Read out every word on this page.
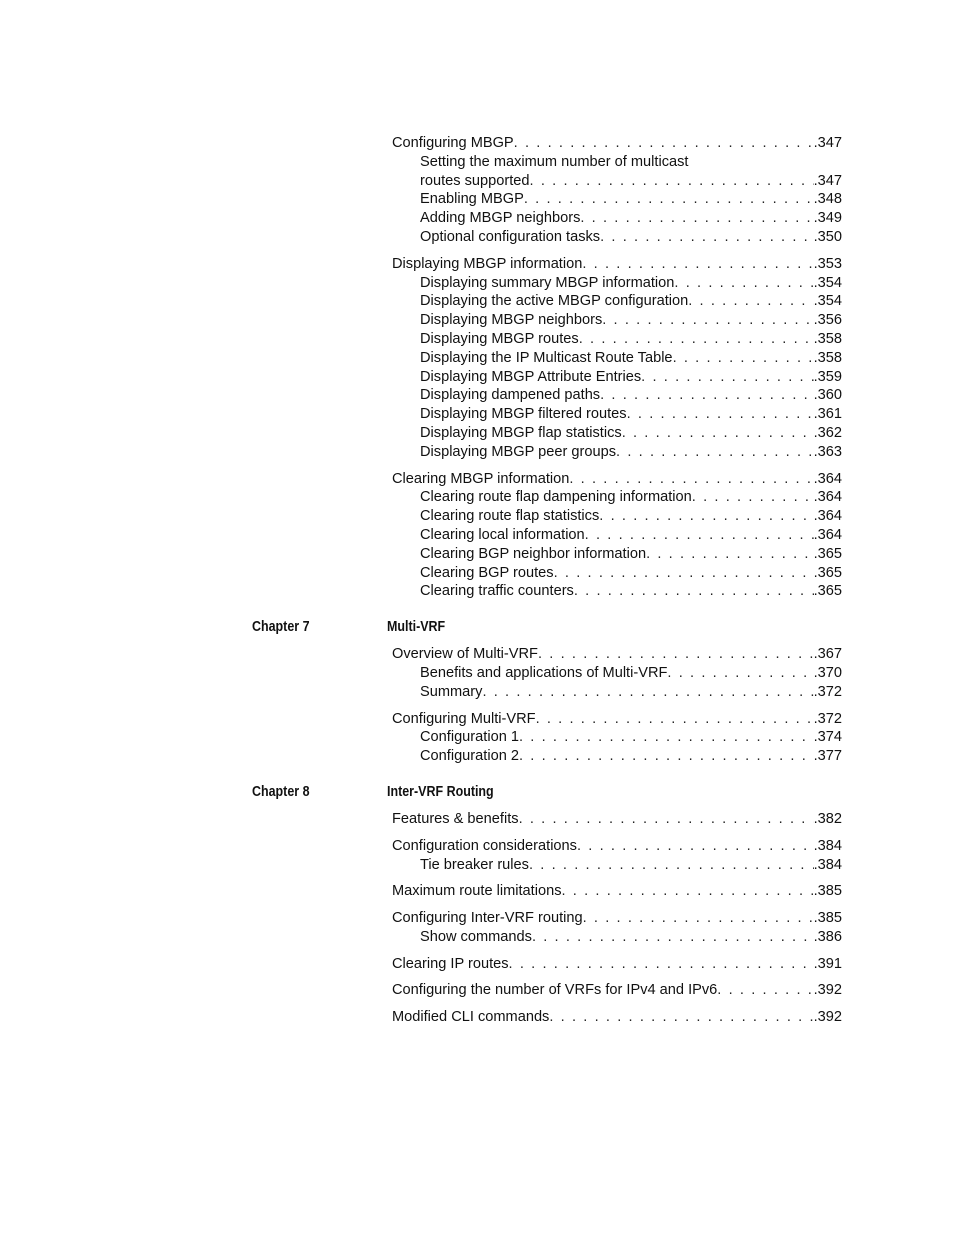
Configuring MBGP . . .	.347
Setting the maximum number of multicast
routes supported . . .	.347
Enabling MBGP . . .	.348
Adding MBGP neighbors . . .	.349
Optional configuration tasks . . .	.350
Displaying MBGP information . . .	.353
Displaying summary MBGP information . . .	.354
Displaying the active MBGP configuration . . .	.354
Displaying MBGP neighbors . . .	.356
Displaying MBGP routes . . .	.358
Displaying the IP Multicast Route Table . . .	.358
Displaying MBGP Attribute Entries . . .	.359
Displaying dampened paths . . .	.360
Displaying MBGP filtered routes . . .	.361
Displaying MBGP flap statistics . . .	.362
Displaying MBGP peer groups . . .	.363
Clearing MBGP information . . .	.364
Clearing route flap dampening information . . .	.364
Clearing route flap statistics . . .	.364
Clearing local information . . .	.364
Clearing BGP neighbor information . . .	.365
Clearing BGP routes . . .	.365
Clearing traffic counters . . .	.365
Chapter 7	Multi-VRF
Overview of Multi-VRF . . .	.367
Benefits and applications of Multi-VRF . . .	.370
Summary . . .	.372
Configuring Multi-VRF . . .	.372
Configuration 1 . . .	.374
Configuration 2 . . .	.377
Chapter 8	Inter-VRF Routing
Features & benefits . . .	.382
Configuration considerations . . .	.384
Tie breaker rules . . .	.384
Maximum route limitations . . .	.385
Configuring Inter-VRF routing . . .	.385
Show commands . . .	.386
Clearing IP routes . . .	.391
Configuring the number of VRFs for IPv4 and IPv6 . . .	.392
Modified CLI commands . . .	.392
